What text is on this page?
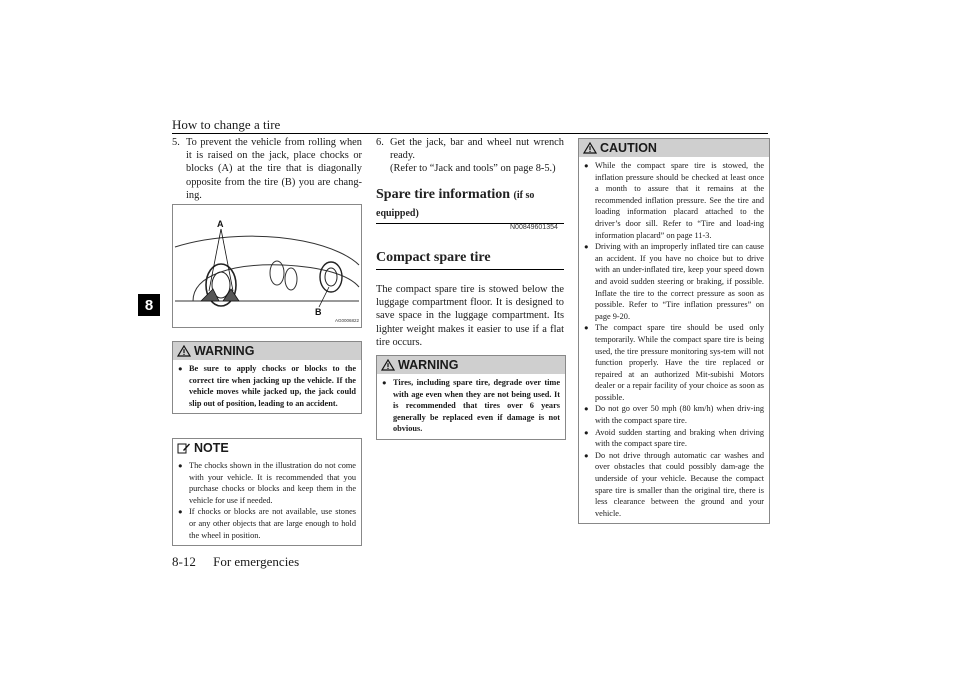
How to change a tire
8

5. To prevent the vehicle from rolling when it is raised on the jack, place chocks or blocks (A) at the tire that is diagonally opposite from the tire (B) you are chang-ing.

A
B
AG0006822
WARNING
● Be sure to apply chocks or blocks to the correct tire when jacking up the vehicle. If the vehicle moves while jacked up, the jack could slip out of position, leading to an accident.
NOTE
● The chocks shown in the illustration do not come with your vehicle. It is recommended that you purchase chocks or blocks and keep them in the vehicle for use if needed.
● If chocks or blocks are not available, use stones or any other objects that are large enough to hold the wheel in position.

6. Get the jack, bar and wheel nut wrench ready.

(Refer to “Jack and tools” on page 8-5.)

Spare tire information (if so equipped)
N00849601354
Compact spare tire

The compact spare tire is stowed below the luggage compartment floor. It is designed to save space in the luggage compartment. Its lighter weight makes it easier to use if a flat tire occurs.

WARNING
● Tires, including spare tire, degrade over time with age even when they are not being used. It is recommended that tires over 6 years generally be replaced even if damage is not obvious.
CAUTION
● While the compact spare tire is stowed, the inflation pressure should be checked at least once a month to assure that it remains at the recommended inflation pressure. See the tire and loading information placard attached to the driver’s door sill. Refer to “Tire and load-ing information placard” on page 11-3.
● Driving with an improperly inflated tire can cause an accident. If you have no choice but to drive with an under-inflated tire, keep your speed down and avoid sudden steering or braking, if possible. Inflate the tire to the correct pressure as soon as possible. Refer to “Tire inflation pressures” on page 9-20.
● The compact spare tire should be used only temporarily. While the compact spare tire is being used, the tire pressure monitoring sys-tem will not function properly. Have the tire replaced or repaired at an authorized Mit-subishi Motors dealer or a repair facility of your choice as soon as possible.
● Do not go over 50 mph (80 km/h) when driv-ing with the compact spare tire.
● Avoid sudden starting and braking when driving with the compact spare tire.
● Do not drive through automatic car washes and over obstacles that could possibly dam-age the underside of your vehicle. Because the compact spare tire is smaller than the original tire, there is less clearance between the ground and your vehicle.
8-12 For emergencies
